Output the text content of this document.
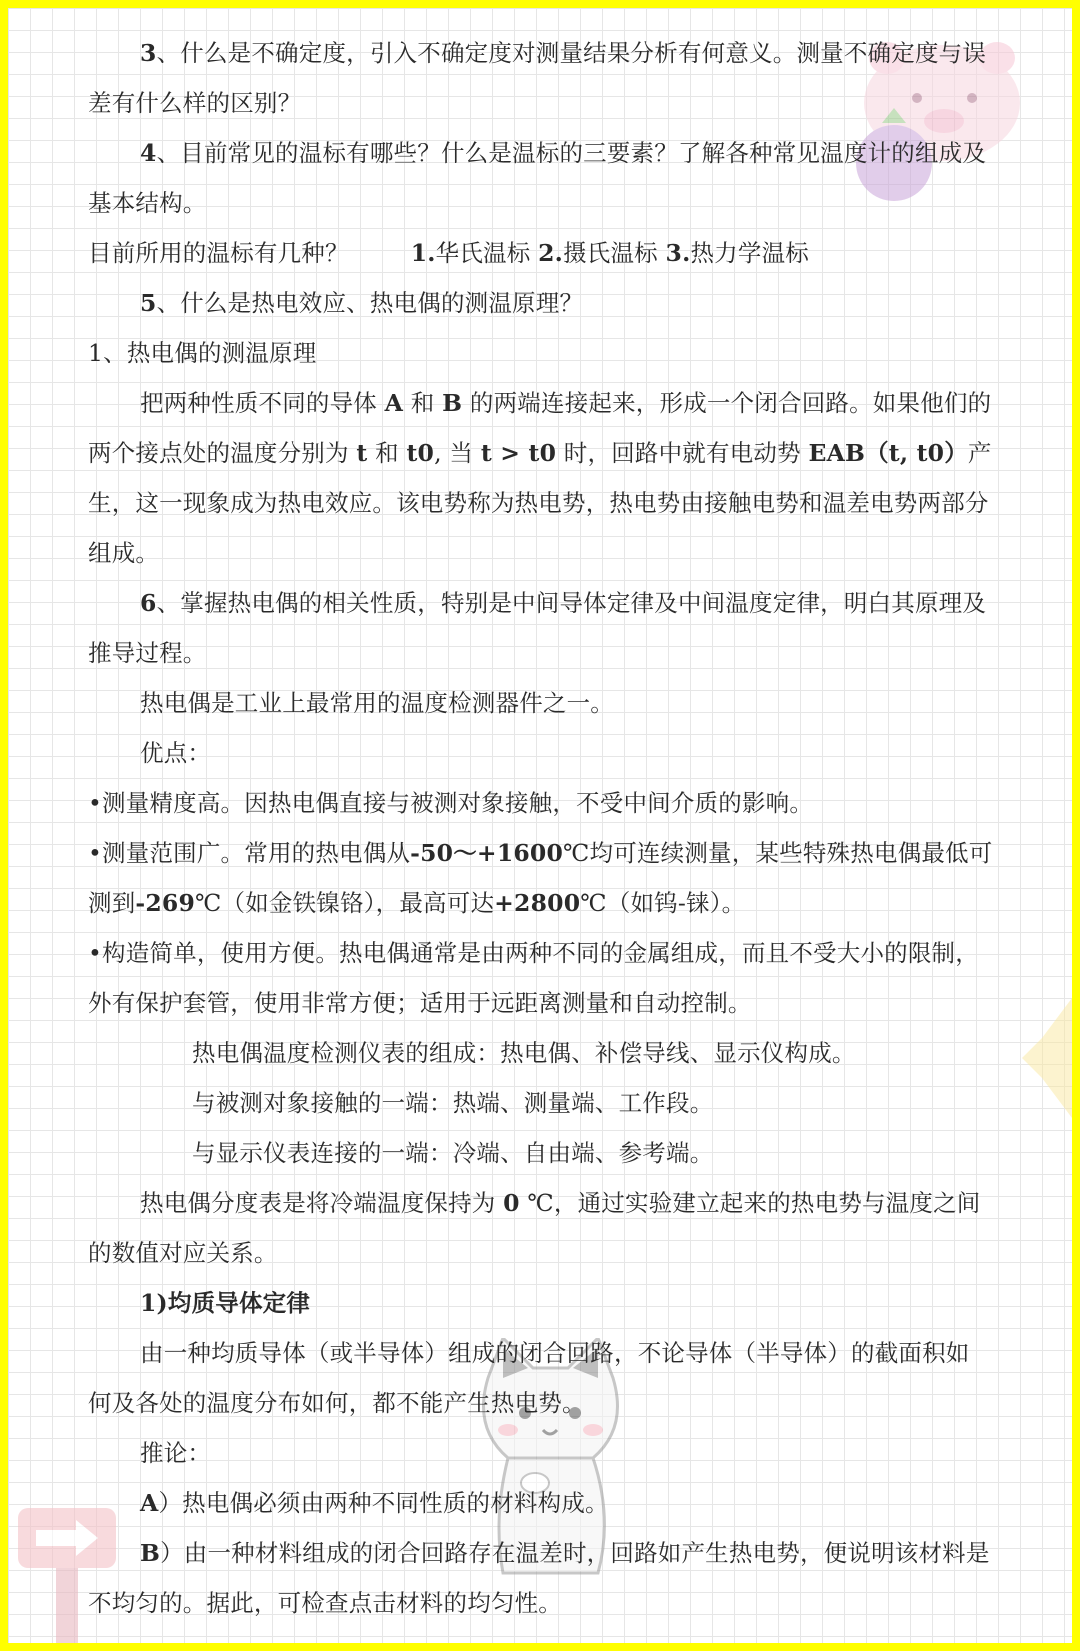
3、什么是不确定度，引入不确定度对测量结果分析有何意义。测量不确定度与误差有什么样的区别？

4、目前常见的温标有哪些？什么是温标的三要素？了解各种常见温度计的组成及基本结构。

目前所用的温标有几种？	1.华氏温标 2.摄氏温标 3.热力学温标

5、什么是热电效应、热电偶的测温原理？

1、热电偶的测温原理

把两种性质不同的导体 A 和 B 的两端连接起来，形成一个闭合回路。如果他们的两个接点处的温度分别为 t 和 t0, 当 t > t0 时，回路中就有电动势 EAB（t, t0）产生，这一现象成为热电效应。该电势称为热电势，热电势由接触电势和温差电势两部分组成。

6、掌握热电偶的相关性质，特别是中间导体定律及中间温度定律，明白其原理及推导过程。

热电偶是工业上最常用的温度检测器件之一。

优点：

•测量精度高。因热电偶直接与被测对象接触，不受中间介质的影响。

•测量范围广。常用的热电偶从-50～+1600℃均可连续测量，某些特殊热电偶最低可测到-269℃（如金铁镍铬），最高可达+2800℃（如钨-铼）。

•构造简单，使用方便。热电偶通常是由两种不同的金属组成，而且不受大小的限制，外有保护套管，使用非常方便；适用于远距离测量和自动控制。

热电偶温度检测仪表的组成：热电偶、补偿导线、显示仪构成。

与被测对象接触的一端：热端、测量端、工作段。

与显示仪表连接的一端：冷端、自由端、参考端。

热电偶分度表是将冷端温度保持为 0 ℃，通过实验建立起来的热电势与温度之间的数值对应关系。

1)均质导体定律

由一种均质导体（或半导体）组成的闭合回路，不论导体（半导体）的截面积如何及各处的温度分布如何，都不能产生热电势。

推论：

A）热电偶必须由两种不同性质的材料构成。

B）由一种材料组成的闭合回路存在温差时，回路如产生热电势，便说明该材料是不均匀的。据此，可检查点击材料的均匀性。
